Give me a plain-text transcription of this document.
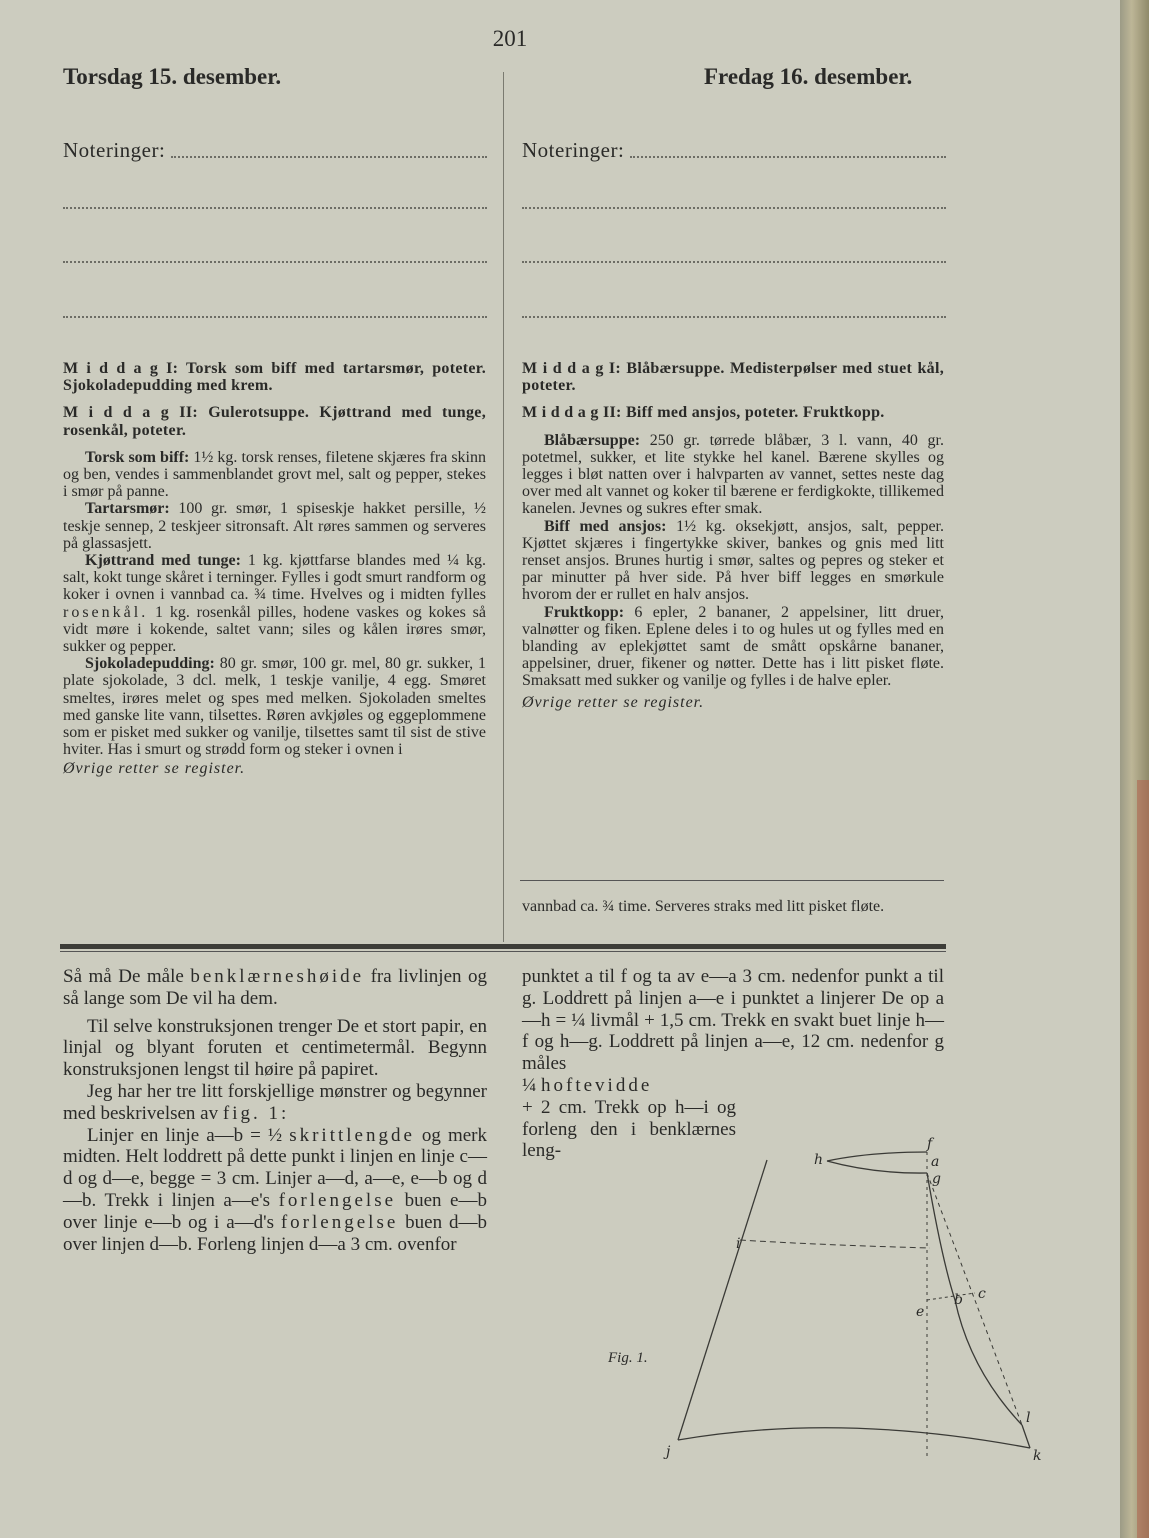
201
Torsdag 15. desember.	Fredag 16. desember.
Noteringer:	Noteringer:

M i d d a g I: Torsk som biff med tartarsmør, poteter. Sjokoladepudding med krem.

M i d d a g II: Gulerotsuppe. Kjøttrand med tunge, rosenkål, poteter.

Torsk som biff: 1½ kg. torsk renses, filetene skjæres fra skinn og ben, vendes i sammenblandet grovt mel, salt og pepper, stekes i smør på panne.

Tartarsmør: 100 gr. smør, 1 spiseskje hakket persille, ½ teskje sennep, 2 teskjeer sitronsaft. Alt røres sammen og serveres på glassasjett.

Kjøttrand med tunge: 1 kg. kjøttfarse blandes med ¼ kg. salt, kokt tunge skåret i terninger. Fylles i godt smurt randform og koker i ovnen i vannbad ca. ¾ time. Hvelves og i midten fylles rosenkål. 1 kg. rosenkål pilles, hodene vaskes og kokes så vidt møre i kokende, saltet vann; siles og kålen irøres smør, sukker og pepper.

Sjokoladepudding: 80 gr. smør, 100 gr. mel, 80 gr. sukker, 1 plate sjokolade, 3 dcl. melk, 1 teskje vanilje, 4 egg. Smøret smeltes, irøres melet og spes med melken. Sjokoladen smeltes med ganske lite vann, tilsettes. Røren avkjøles og eggeplommene som er pisket med sukker og vanilje, tilsettes samt til sist de stive hviter. Has i smurt og strødd form og steker i ovnen i

Øvrige retter se register.

M i d d a g I: Blåbærsuppe. Medisterpølser med stuet kål, poteter.

M i d d a g II: Biff med ansjos, poteter. Fruktkopp.

Blåbærsuppe: 250 gr. tørrede blåbær, 3 l. vann, 40 gr. potetmel, sukker, et lite stykke hel kanel. Bærene skylles og legges i bløt natten over i halvparten av vannet, settes neste dag over med alt vannet og koker til bærene er ferdigkokte, tillikemed kanelen. Jevnes og sukres efter smak.

Biff med ansjos: 1½ kg. oksekjøtt, ansjos, salt, pepper. Kjøttet skjæres i fingertykke skiver, bankes og gnis med litt renset ansjos. Brunes hurtig i smør, saltes og pepres og steker et par minutter på hver side. På hver biff legges en smørkule hvorom der er rullet en halv ansjos.

Fruktkopp: 6 epler, 2 bananer, 2 appelsiner, litt druer, valnøtter og fiken. Eplene deles i to og hules ut og fylles med en blanding av eplekjøttet samt de smått opskårne bananer, appelsiner, druer, fikener og nøtter. Dette has i litt pisket fløte. Smaksatt med sukker og vanilje og fylles i de halve epler.

Øvrige retter se register.

vannbad ca. ¾ time. Serveres straks med litt pisket fløte.

Så må De måle benklærneshøide fra livlinjen og så lange som De vil ha dem.

Til selve konstruksjonen trenger De et stort papir, en linjal og blyant foruten et centimetermål. Begynn konstruksjonen lengst til høire på papiret.

Jeg har her tre litt forskjellige mønstrer og begynner med beskrivelsen av fig. 1:

Linjer en linje a—b = ½ skrittlengde og merk midten. Helt loddrett på dette punkt i linjen en linje c—d og d—e, begge = 3 cm. Linjer a—d, a—e, e—b og d—b. Trekk i linjen a—e's forlengelse buen e—b over linje e—b og i a—d's forlengelse buen d—b over linjen d—b. Forleng linjen d—a 3 cm. ovenfor

punktet a til f og ta av e—a 3 cm. nedenfor punkt a til g. Loddrett på linjen a—e i punktet a linjerer De op a—h = ¼ livmål + 1,5 cm. Trekk en svakt buet linje h—f og h—g. Loddrett på linjen a—e, 12 cm. nedenfor g måles

¼ hoftevidde

+ 2 cm. Trekk op h—i og forleng den i benklærnes leng-	f
h	a
g
i
e
b c
l
k
j
Fig. 1.
